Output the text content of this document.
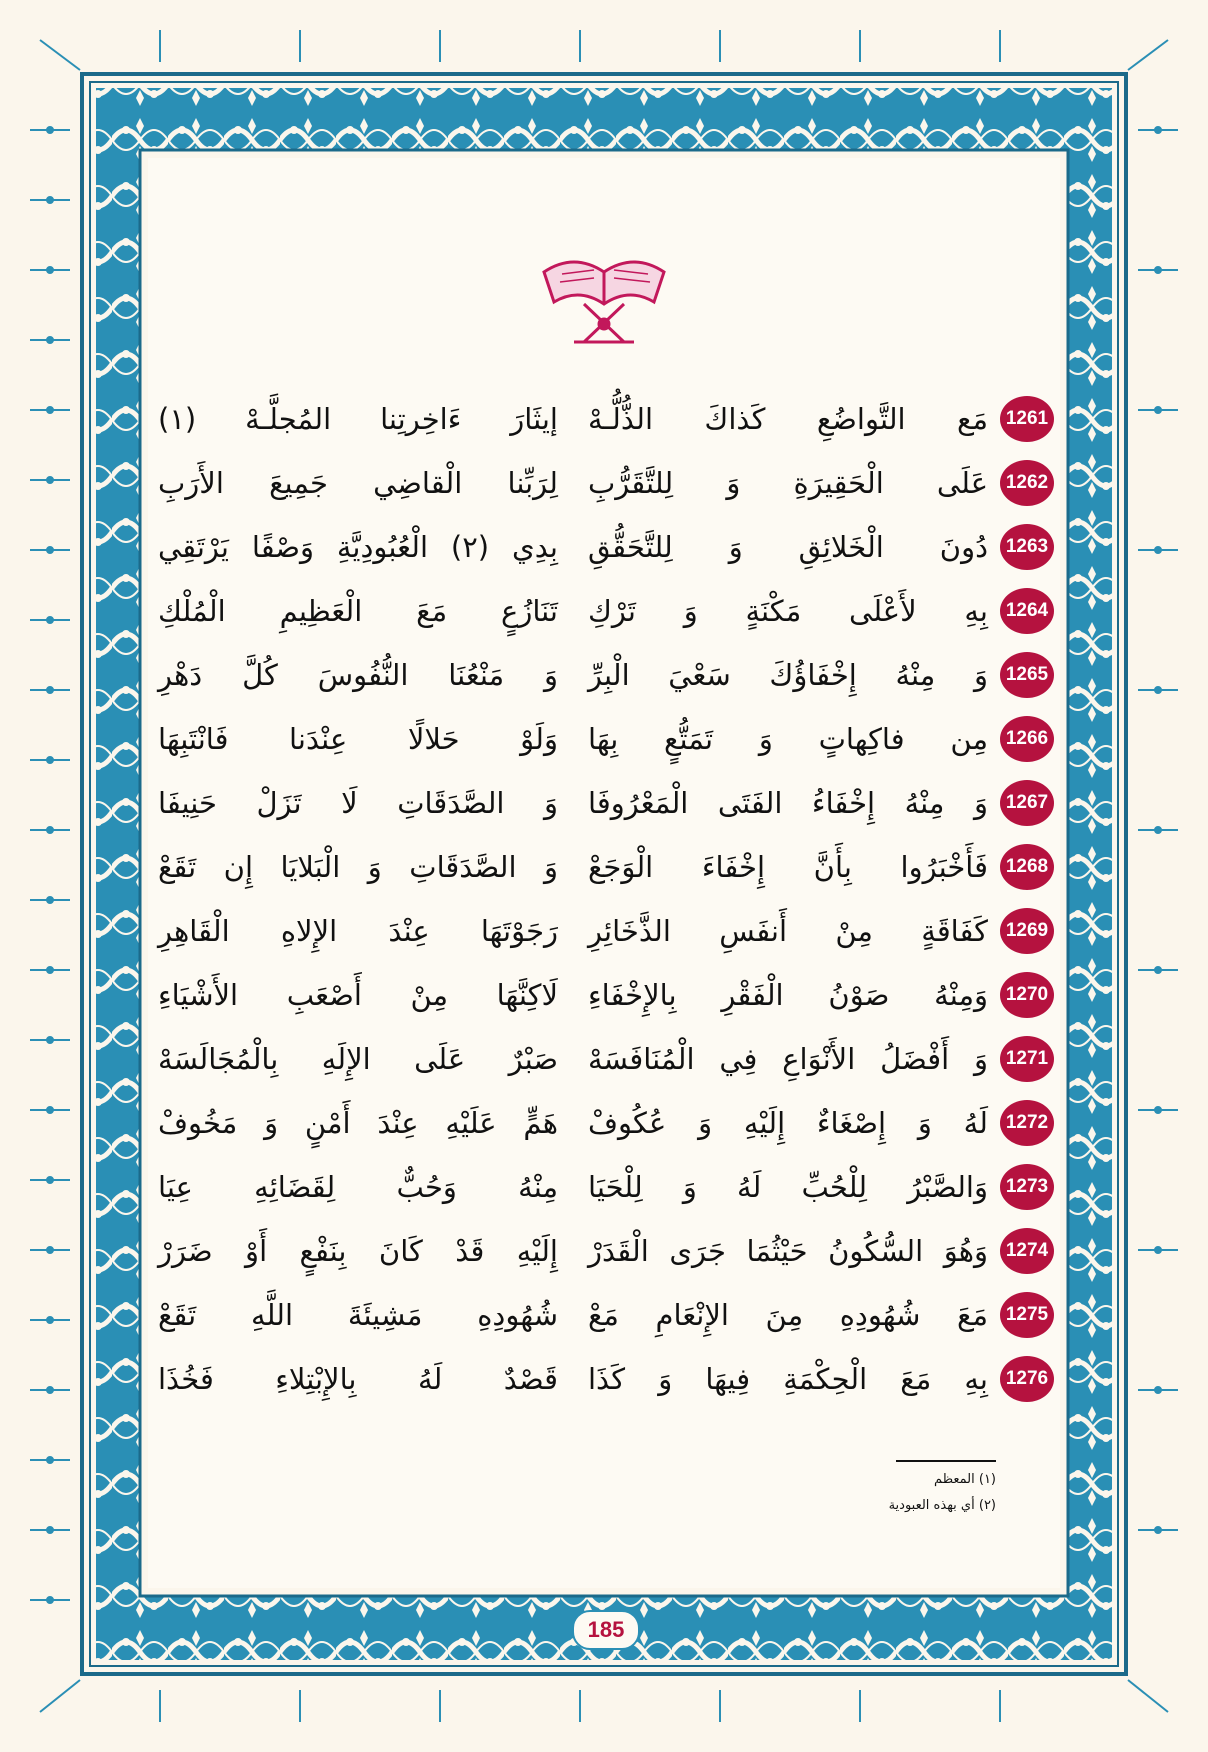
1261
مَع التَّواضُعِ كَذاكَ الذُّلُّـهْ
إيثَارَ ءَاخِرتِنا المُجلَّـهْ (١)
1262
عَلَى الْحَقِيرَةِ وَ لِلتَّقَرُّبِ
لِرَبِّنا الْقاضِي جَمِيعَ الأَرَبِ
1263
دُونَ الْخَلائِقِ وَ لِلتَّحَقُّقِ
بِدِي (٢) الْعُبُودِيَّةِ وَصْفًا يَرْتَقِي
1264
بِهِ لأَعْلَى مَكْنَةٍ وَ تَرْكِ
تَنَازُعٍ مَعَ الْعَظِيمِ الْمُلْكِ
1265
وَ مِنْهُ إِخْفَاؤُكَ سَعْيَ الْبِرِّ
وَ مَنْعُنَا النُّفُوسَ كُلَّ دَهْرِ
1266
مِن فاكِهاتٍ وَ تَمَتُّعٍ بِهَا
وَلَوْ حَلالًا عِنْدَنا فَانْتَبِهَا
1267
وَ مِنْهُ إِخْفَاءُ الفَتَى الْمَعْرُوفَا
وَ الصَّدَقَاتِ لَا تَزَلْ حَنِيفَا
1268
فَأَخْبَرُوا بِأَنَّ إِخْفَاءَ الْوَجَعْ
وَ الصَّدَقَاتِ وَ الْبَلايَا إِن تَقَعْ
1269
كَفَاقَةٍ مِنْ أَنفَسِ الذَّخَائِرِ
رَجَوْتَهَا عِنْدَ الإِلاهِ الْقَاهِرِ
1270
وَمِنْهُ صَوْنُ الْفَقْرِ بِالإِخْفَاءِ
لَاكِنَّهَا مِنْ أَصْعَبِ الأَشْيَاءِ
1271
وَ أَفْضَلُ الأَنْوَاعِ فِي الْمُنَافَسَهْ
صَبْرٌ عَلَى الإِلَهِ بِالْمُجَالَسَهْ
1272
لَهُ وَ إِصْغَاءٌ إِلَيْهِ وَ عُكُوفْ
هَمٍّ عَلَيْهِ عِنْدَ أَمْنٍ وَ مَخُوفْ
1273
وَالصَّبْرُ لِلْحُبِّ لَهُ وَ لِلْحَيَا
مِنْهُ وَحُبٌّ لِقَضَائِهِ عِيَا
1274
وَهُوَ السُّكُونُ حَيْثُمَا جَرَى الْقَدَرْ
إِلَيْهِ قَدْ كَانَ بِنَفْعٍ أَوْ ضَرَرْ
1275
مَعَ شُهُودِهِ مِنَ الإِنْعَامِ مَعْ
شُهُودِهِ مَشِيئَةَ اللَّهِ تَقَعْ
1276
بِهِ مَعَ الْحِكْمَةِ فِيهَا وَ كَذَا
قَصْدٌ لَهُ بِالإِبْتِلاءِ فَخُذَا
(١) المعظم
(٢) أي بهذه العبودية
185
